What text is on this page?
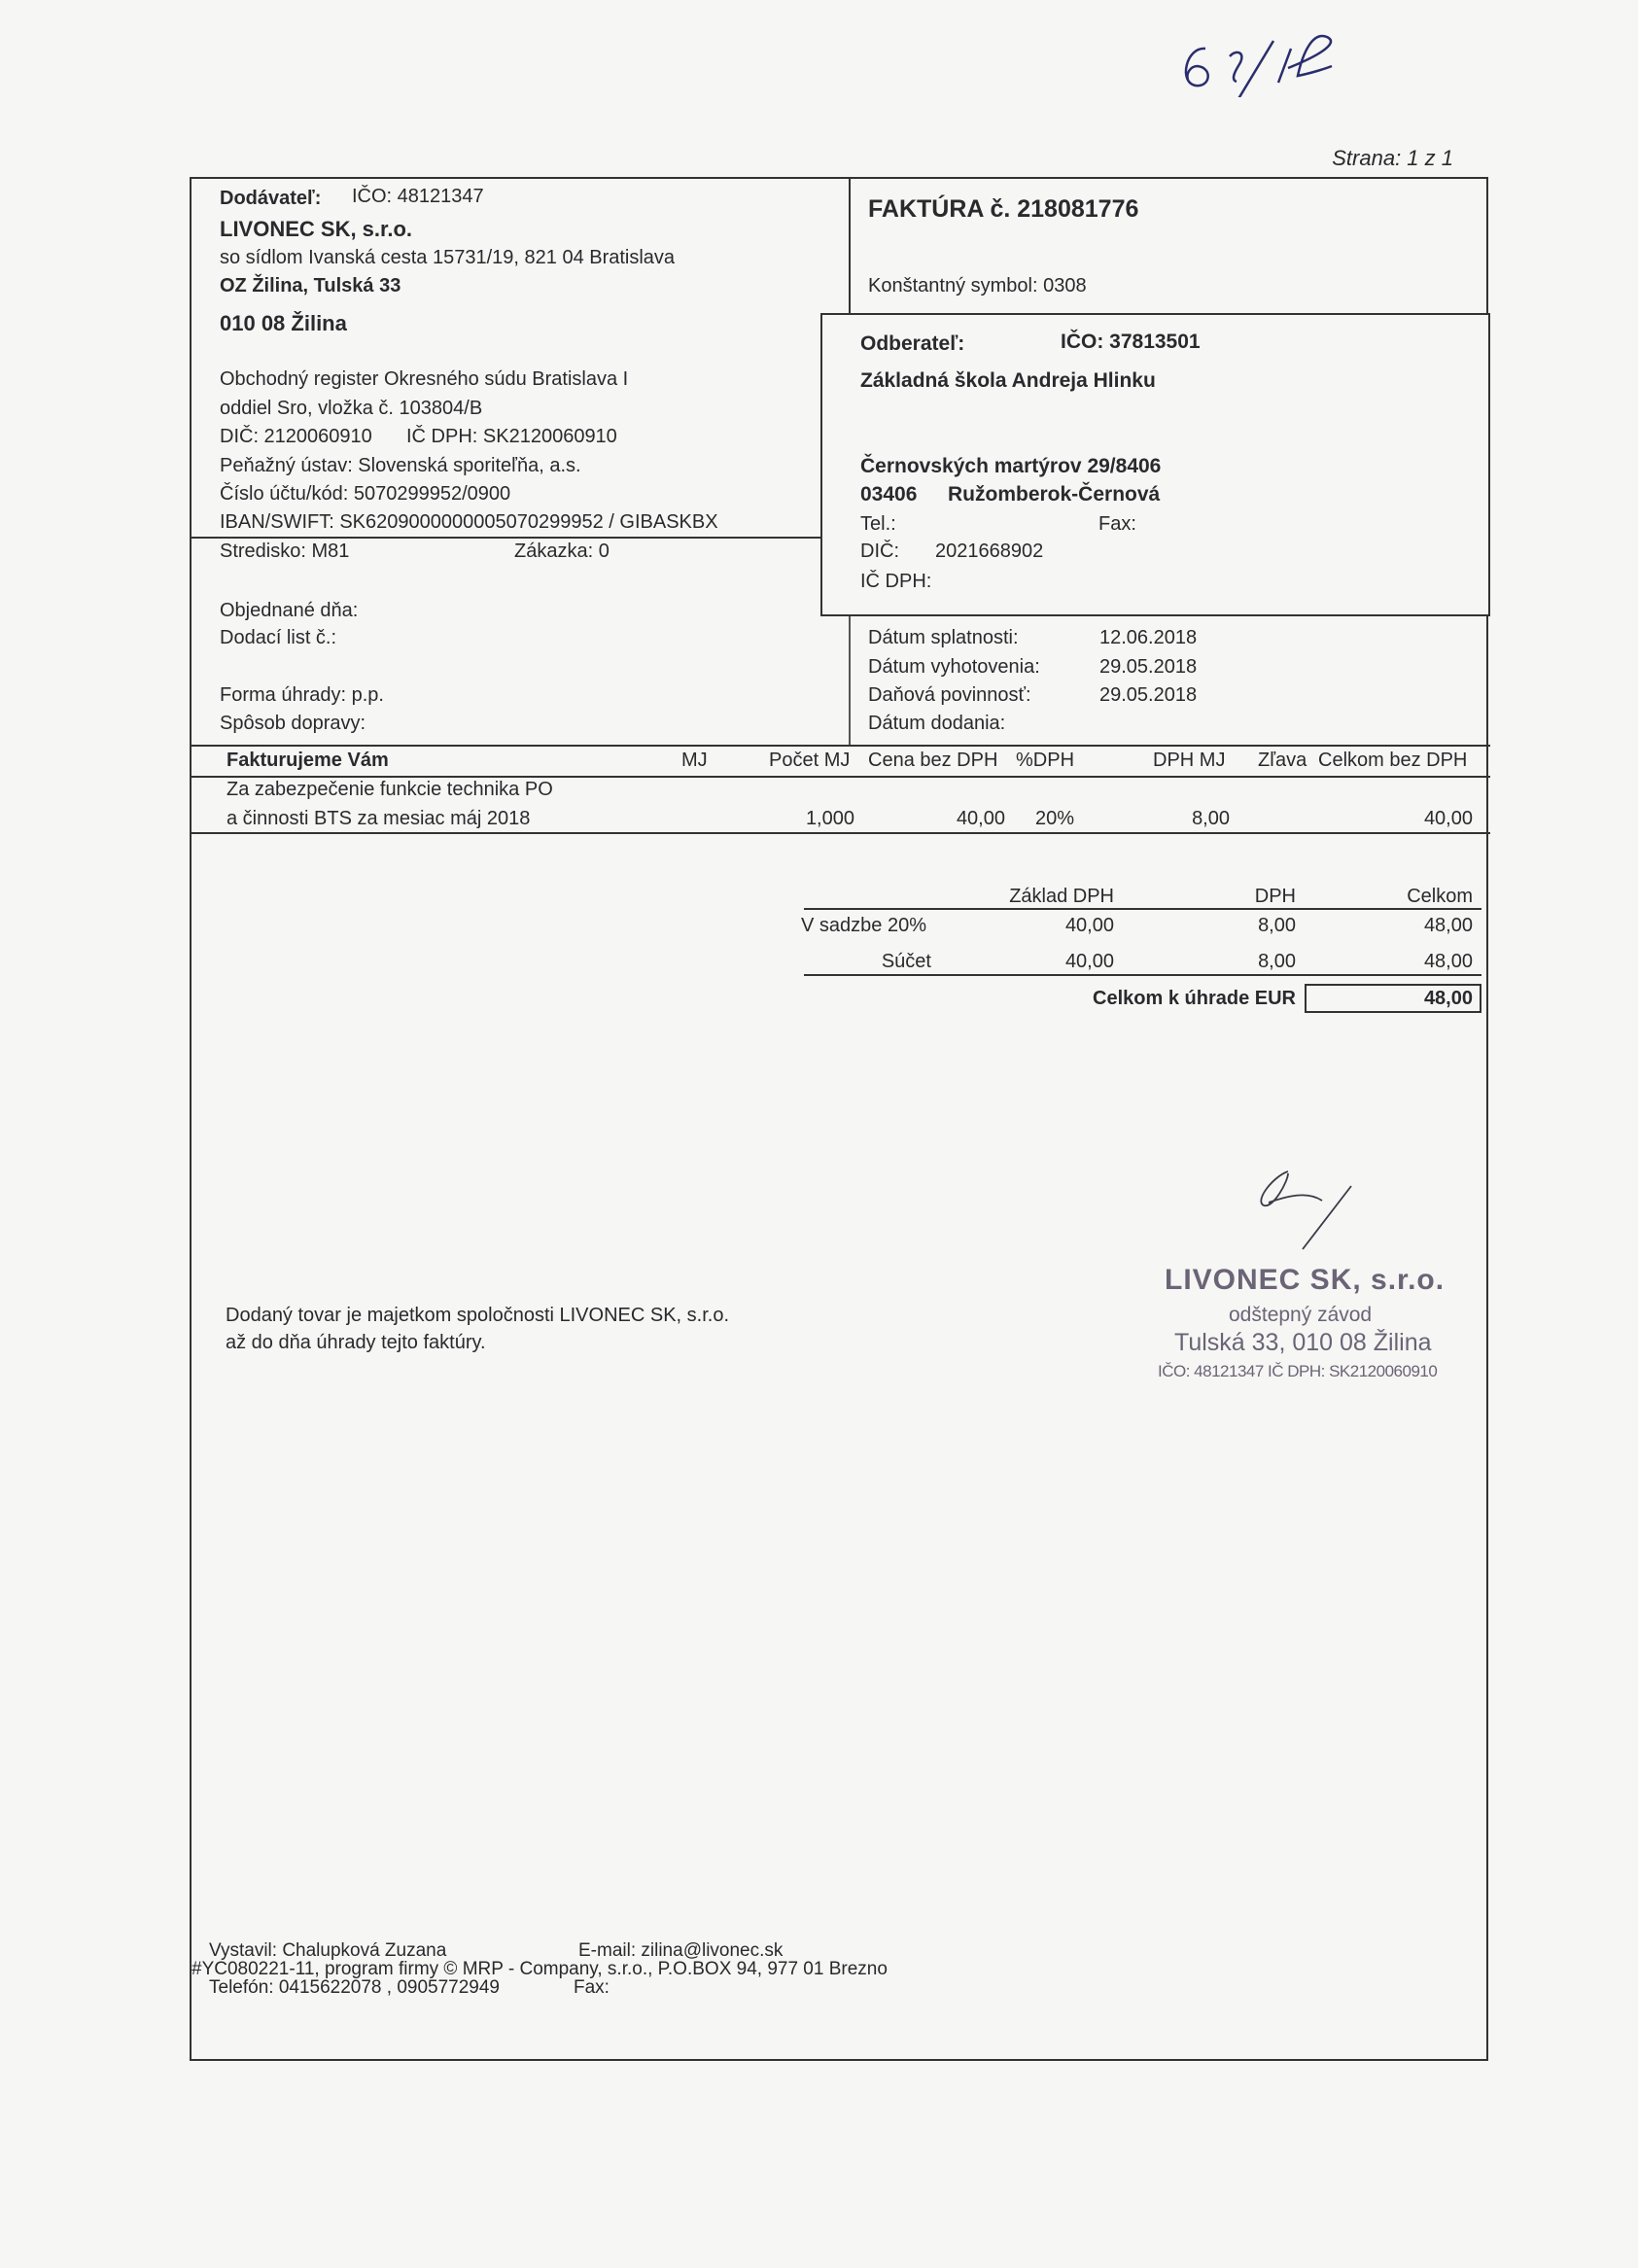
Strana: 1 z 1
Dodávateľ: IČO: 48121347
LIVONEC SK, s.r.o.
so sídlom Ivanská cesta 15731/19, 821 04 Bratislava
OZ Žilina, Tulská 33
010 08 Žilina
Obchodný register Okresného súdu Bratislava I
oddiel Sro, vložka č. 103804/B
DIČ: 2120060910 IČ DPH: SK2120060910
Peňažný ústav: Slovenská sporiteľňa, a.s.
Číslo účtu/kód: 5070299952/0900
IBAN/SWIFT: SK6209000000005070299952 / GIBASKBX
Stredisko: M81	Zákazka: 0
Objednané dňa:
Dodací list č.:
Forma úhrady: p.p.
Spôsob dopravy:
FAKTÚRA č. 218081776
Konštantný symbol: 0308
Odberateľ:	IČO: 37813501
Základná škola Andreja Hlinku
Černovských martýrov 29/8406
03406 Ružomberok-Černová
Tel.:	Fax:
DIČ: 2021668902
IČ DPH:
Dátum splatnosti:	12.06.2018
Dátum vyhotovenia:	29.05.2018
Daňová povinnosť:	29.05.2018
Dátum dodania:
Fakturujeme Vám	MJ	Počet MJ Cena bez DPH %DPH	DPH MJ Zľava Celkom bez DPH
Za zabezpečenie funkcie technika PO
a činnosti BTS za mesiac máj 2018	1,000	40,00 20%	8,00	40,00
Základ DPH	DPH	Celkom
V sadzbe 20%	40,00	8,00	48,00
Súčet	40,00	8,00	48,00
Celkom k úhrade EUR	48,00
Dodaný tovar je majetkom spoločnosti LIVONEC SK, s.r.o.
až do dňa úhrady tejto faktúry.
LIVONEC SK, s.r.o.
odštepný závod
Tulská 33, 010 08 Žilina
IČO: 48121347 IČ DPH: SK2120060910
Vystavil: Chalupková Zuzana	E-mail: zilina@livonec.sk
#YC080221-11, program firmy © MRP - Company, s.r.o., P.O.BOX 94, 977 01 Brezno
Telefón: 0415622078 , 0905772949	Fax:
